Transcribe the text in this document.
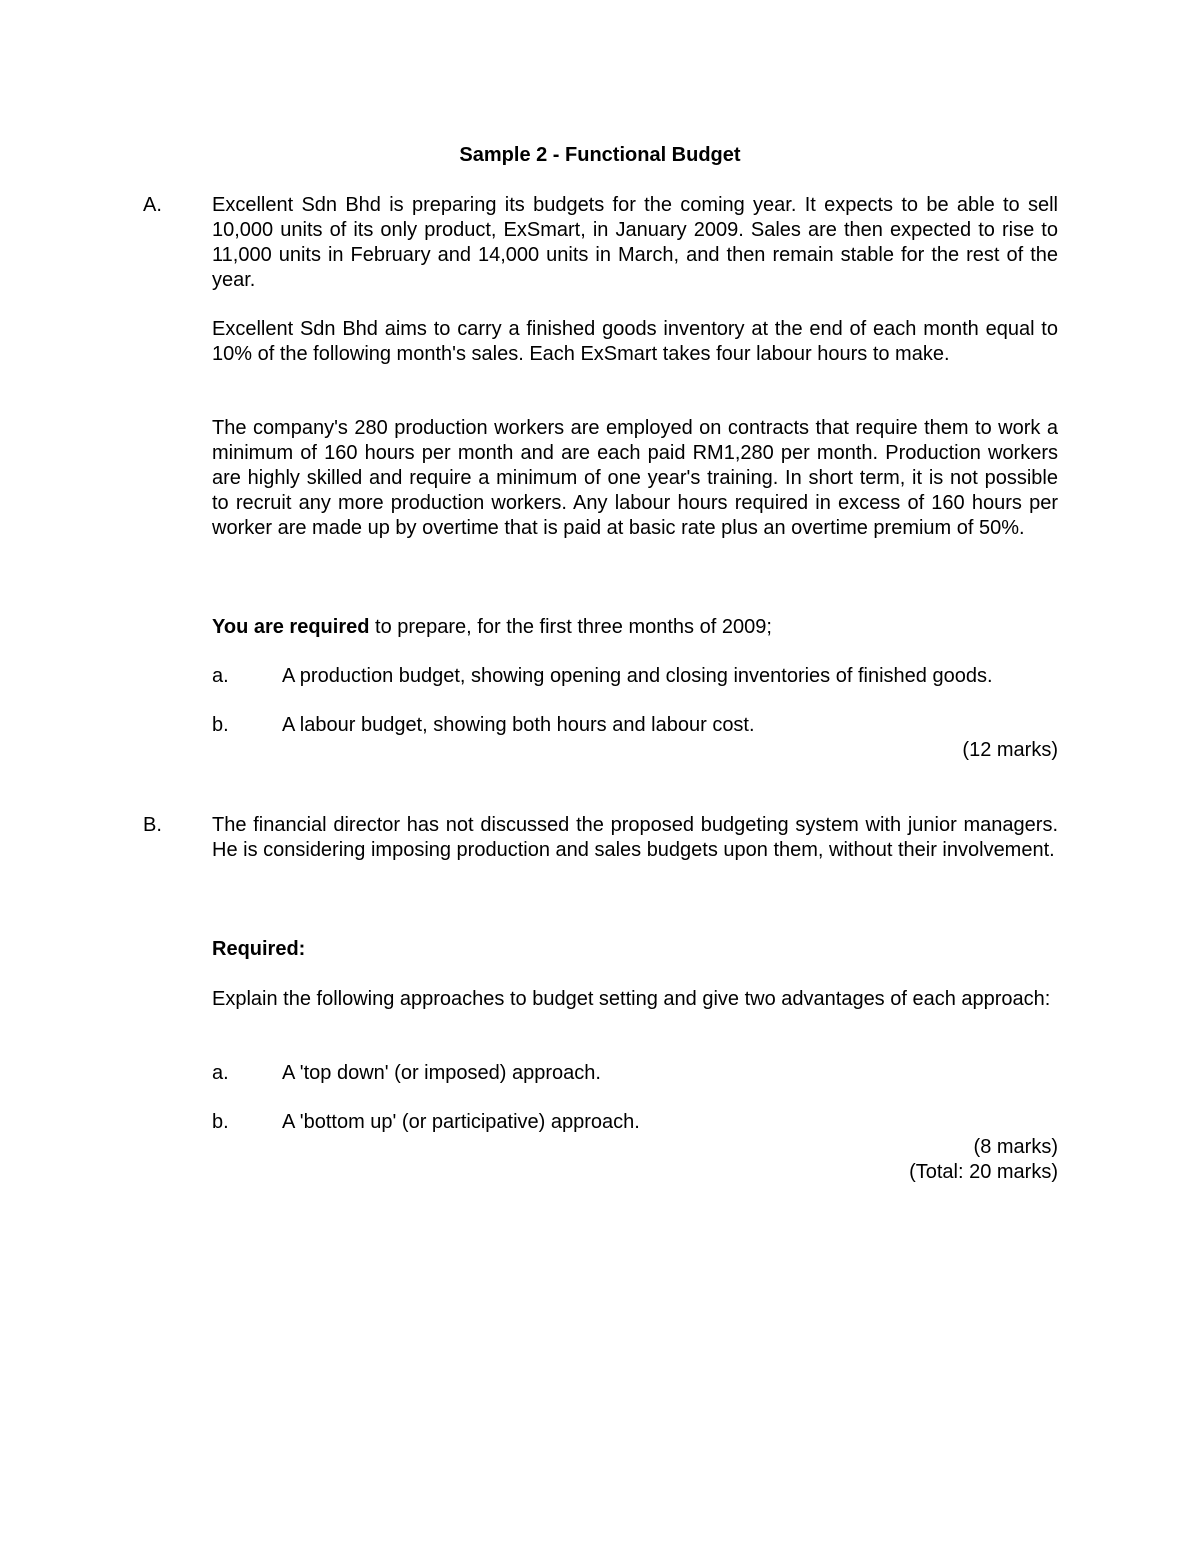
Sample 2 - Functional Budget
A.	Excellent Sdn Bhd is preparing its budgets for the coming year. It expects to be able to sell 10,000 units of its only product, ExSmart, in January 2009. Sales are then expected to rise to 11,000 units in February and 14,000 units in March, and then remain stable for the rest of the year.

Excellent Sdn Bhd aims to carry a finished goods inventory at the end of each month equal to 10% of the following month's sales. Each ExSmart takes four labour hours to make.

The company's 280 production workers are employed on contracts that require them to work a minimum of 160 hours per month and are each paid RM1,280 per month. Production workers are highly skilled and require a minimum of one year's training. In short term, it is not possible to recruit any more production workers. Any labour hours required in excess of 160 hours per worker are made up by overtime that is paid at basic rate plus an overtime premium of 50%.

You are required to prepare, for the first three months of 2009;

a.	A production budget, showing opening and closing inventories of finished goods.
b.	A labour budget, showing both hours and labour cost.
(12 marks)
B.	The financial director has not discussed the proposed budgeting system with junior managers. He is considering imposing production and sales budgets upon them, without their involvement.

Required:

Explain the following approaches to budget setting and give two advantages of each approach:

a.	A 'top down' (or imposed) approach.
b.	A 'bottom up' (or participative) approach.
(8 marks)
(Total: 20 marks)
